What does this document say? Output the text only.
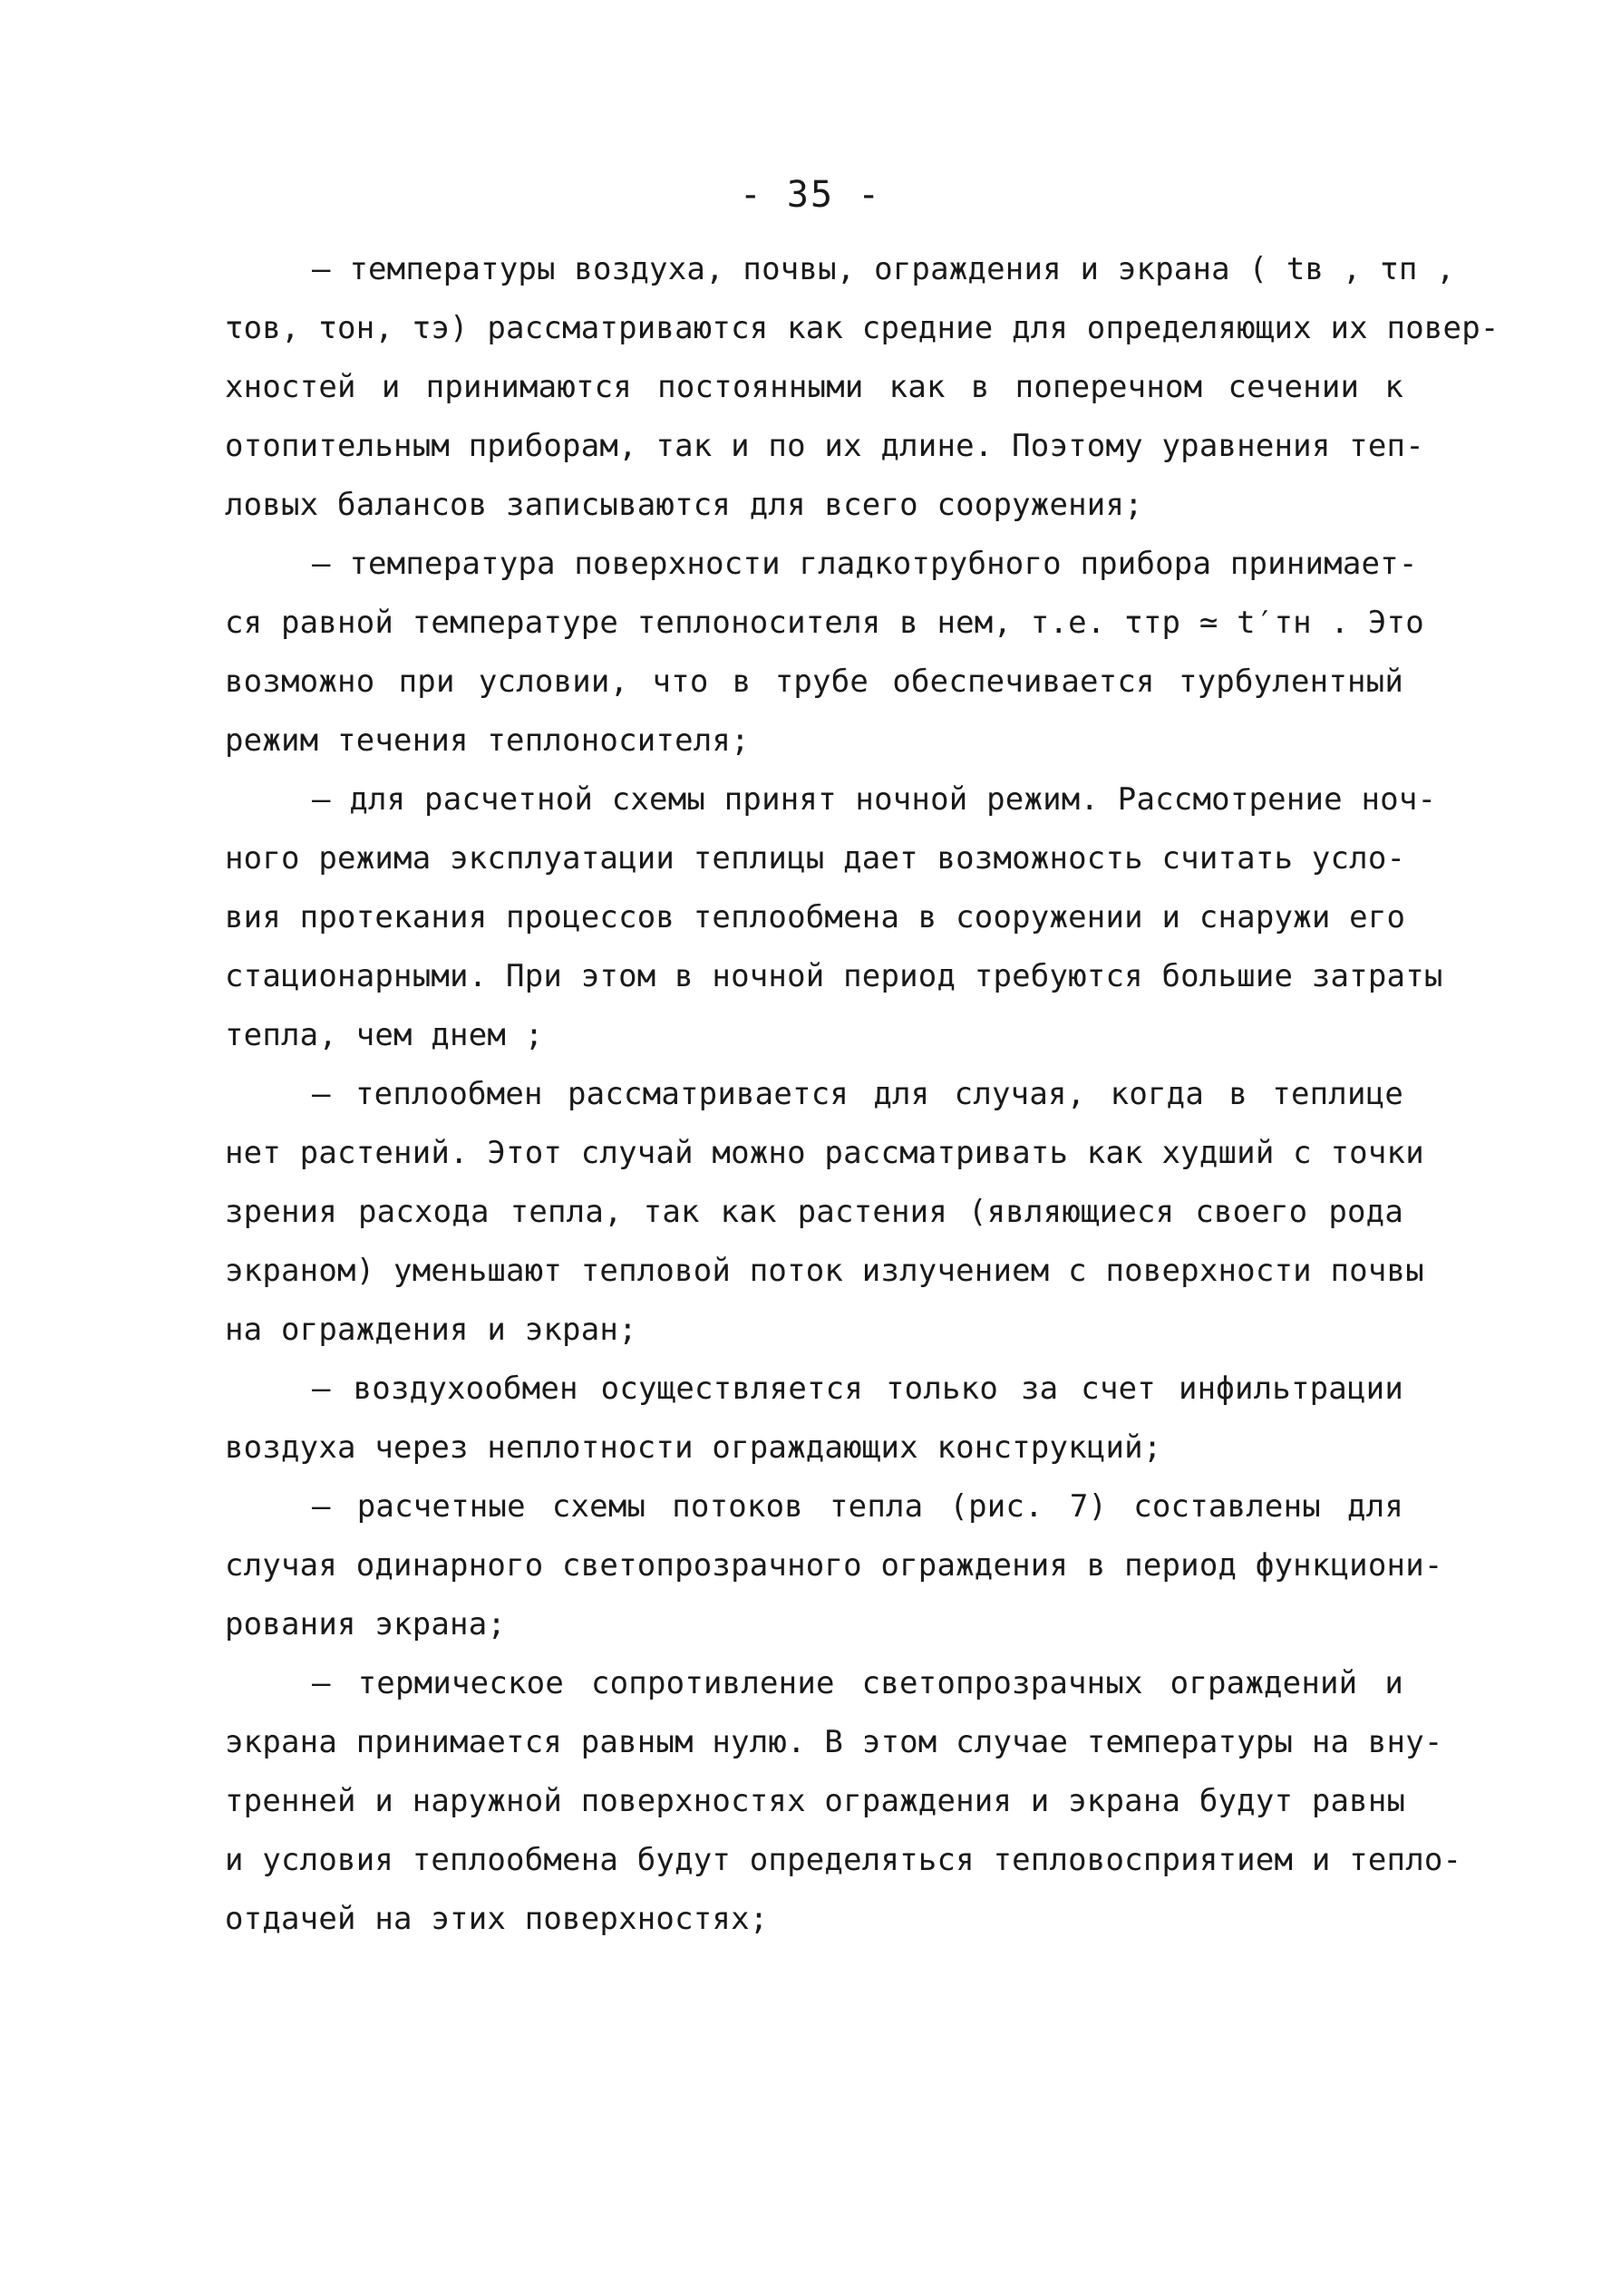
- 35 -
– температуры воздуха, почвы, ограждения и экрана ( tв , τп ,
τов, τон, τэ) рассматриваются как средние для определяющих их повер-
хностей и принимаются постоянными как в поперечном сечении к
отопительным приборам, так и по их длине. Поэтому уравнения теп-
ловых балансов записываются для всего сооружения;
– температура поверхности гладкотрубного прибора принимает-
ся равной температуре теплоносителя в нем, т.е. τтр ≃ t′тн . Это
возможно при условии, что в трубе обеспечивается турбулентный
режим течения теплоносителя;
– для расчетной схемы принят ночной режим. Рассмотрение ноч-
ного режима эксплуатации теплицы дает возможность считать усло-
вия протекания процессов теплообмена в сооружении и снаружи его
стационарными. При этом в ночной период требуются большие затраты
тепла, чем днем ;
– теплообмен рассматривается для случая, когда в теплице
нет растений. Этот случай можно рассматривать как худший с точки
зрения расхода тепла, так как растения (являющиеся своего рода
экраном) уменьшают тепловой поток излучением с поверхности почвы
на ограждения и экран;
– воздухообмен осуществляется только за счет инфильтрации
воздуха через неплотности ограждающих конструкций;
– расчетные схемы потоков тепла (рис. 7) составлены для
случая одинарного светопрозрачного ограждения в период функциони-
рования экрана;
– термическое сопротивление светопрозрачных ограждений и
экрана принимается равным нулю. В этом случае температуры на вну-
тренней и наружной поверхностях ограждения и экрана будут равны
и условия теплообмена будут определяться тепловосприятием и тепло-
отдачей на этих поверхностях;
